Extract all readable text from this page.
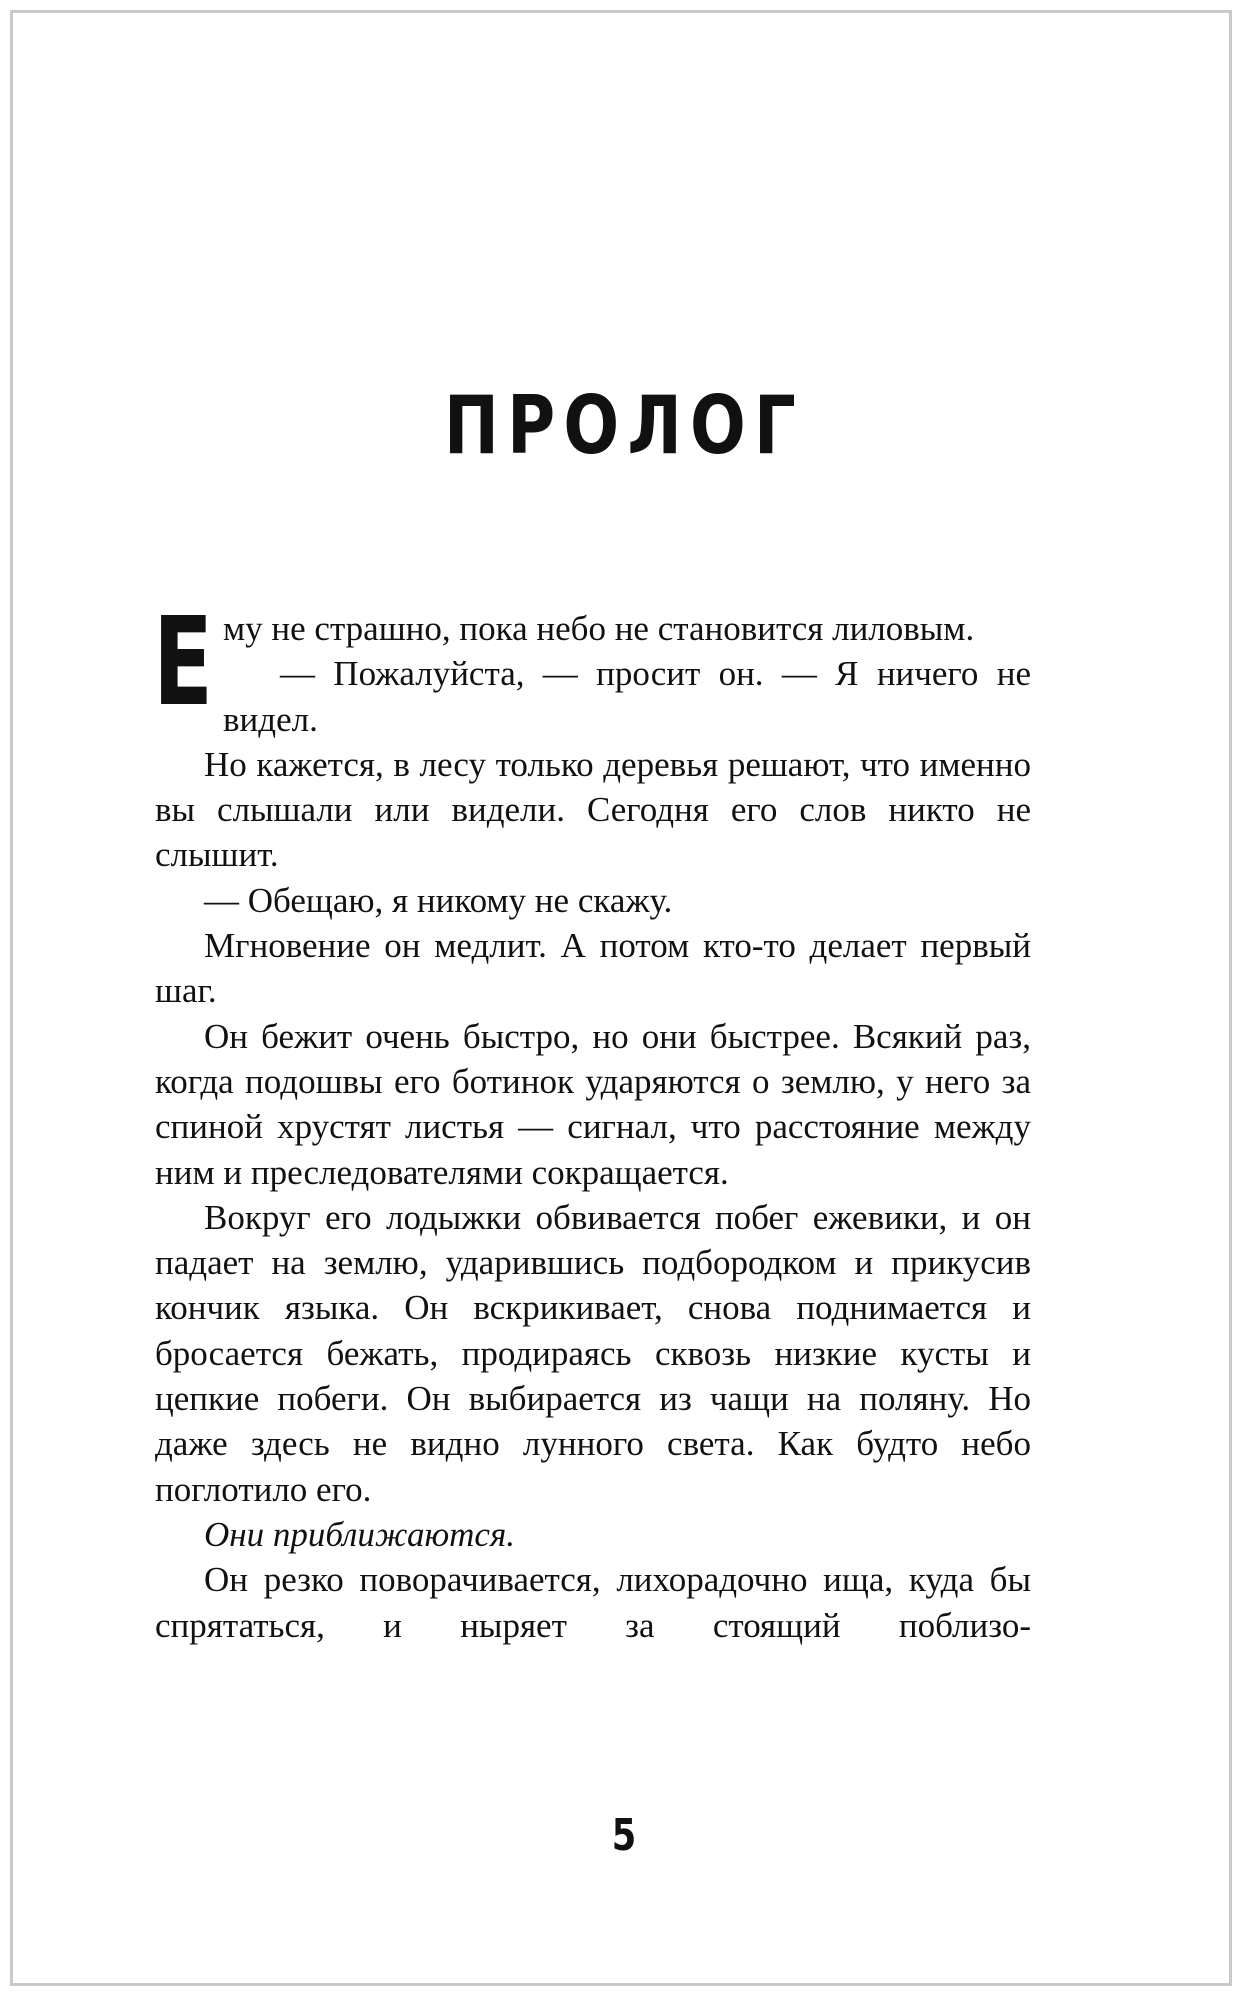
ПРОЛОГ
Е му не страшно, пока небо не становится лиловым.

— Пожалуйста, — просит он. — Я ничего не видел.

Но кажется, в лесу только деревья решают, что именно вы слышали или видели. Сегодня его слов никто не слышит.

— Обещаю, я никому не скажу.

Мгновение он медлит. А потом кто-то делает первый шаг.

Он бежит очень быстро, но они быстрее. Всякий раз, когда подошвы его ботинок ударяются о землю, у него за спиной хрустят листья — сигнал, что расстояние между ним и преследователями сокращается.

Вокруг его лодыжки обвивается побег ежевики, и он падает на землю, ударившись подбородком и прикусив кончик языка. Он вскрикивает, снова поднимается и бросается бежать, продираясь сквозь низкие кусты и цепкие побеги. Он выбирается из чащи на поляну. Но даже здесь не видно лунного света. Как будто небо поглотило его.

Они приближаются.

Он резко поворачивается, лихорадочно ища, куда бы спрятаться, и ныряет за стоящий поблизо-

5
